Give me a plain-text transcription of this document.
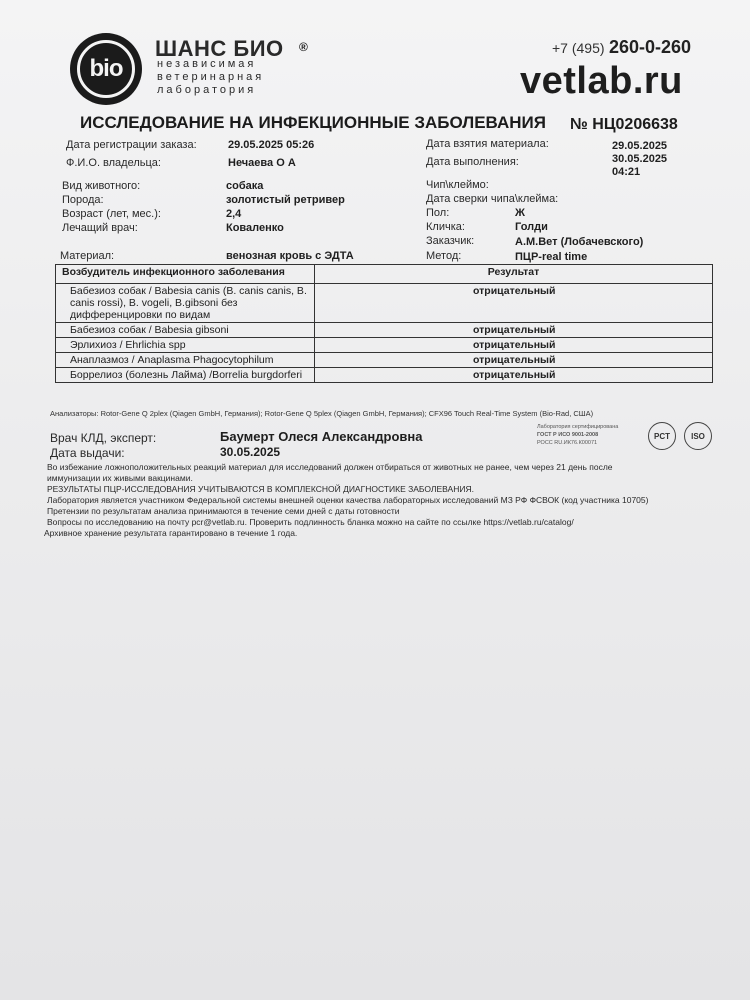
bio
ШАНС БИО ®
независимая
ветеринарная
лаборатория
+7 (495) 260-0-260
vetlab.ru
ИССЛЕДОВАНИЕ НА ИНФЕКЦИОННЫЕ ЗАБОЛЕВАНИЯ № НЦ0206638
Дата регистрации заказа:	29.05.2025 05:26
Ф.И.О. владельца:	Нечаева О А
Вид животного:	собака
Порода:	золотистый ретривер
Возраст (лет, мес.):	2,4
Лечащий врач:	Коваленко
Материал:	венозная кровь с ЭДТА
Дата взятия материала:	29.05.2025
Дата выполнения:	30.05.2025
04:21
Чип\клеймо:
Дата сверки чипа\клейма:
Пол:	Ж
Кличка:	Голди
Заказчик:	А.М.Вет (Лобачевского)
Метод:	ПЦР-real time
Возбудитель инфекционного заболевания	Результат
Бабезиоз собак / Babesia canis (B. canis canis, B. canis rossi), B. vogeli, B.gibsoni без дифференцировки по видам	отрицательный
Бабезиоз собак / Babesia gibsoni	отрицательный
Эрлихиоз / Ehrlichia spp	отрицательный
Анаплазмоз / Anaplasma Phagocytophilum	отрицательный
Боррелиоз (болезнь Лайма) /Borrelia burgdorferi	отрицательный
Анализаторы: Rotor-Gene Q 2plex (Qiagen GmbH, Германия); Rotor-Gene Q 5plex (Qiagen GmbH, Германия); CFX96 Touch Real-Time System (Bio-Rad, США)
Врач КЛД, эксперт:	Баумерт Олеся Александровна
Дата выдачи:	30.05.2025
Лаборатория сертифицирована
ГОСТ Р ИСО 9001-2008
РОСС RU.ИК76.К00071
PCT	ISO
Во избежание ложноположительных реакций материал для исследований должен отбираться от животных не ранее, чем через 21 день после
иммунизации их живыми вакцинами.
РЕЗУЛЬТАТЫ ПЦР-ИССЛЕДОВАНИЯ УЧИТЫВАЮТСЯ В КОМПЛЕКСНОЙ ДИАГНОСТИКЕ ЗАБОЛЕВАНИЯ.
Лаборатория является участником Федеральной системы внешней оценки качества лабораторных исследований МЗ РФ ФСВОК (код участника 10705)
Претензии по результатам анализа принимаются в течение семи дней с даты готовности
Вопросы по исследованию на почту pcr@vetlab.ru. Проверить подлинность бланка можно на сайте по ссылке https://vetlab.ru/catalog/
Архивное хранение результата гарантировано в течение 1 года.
